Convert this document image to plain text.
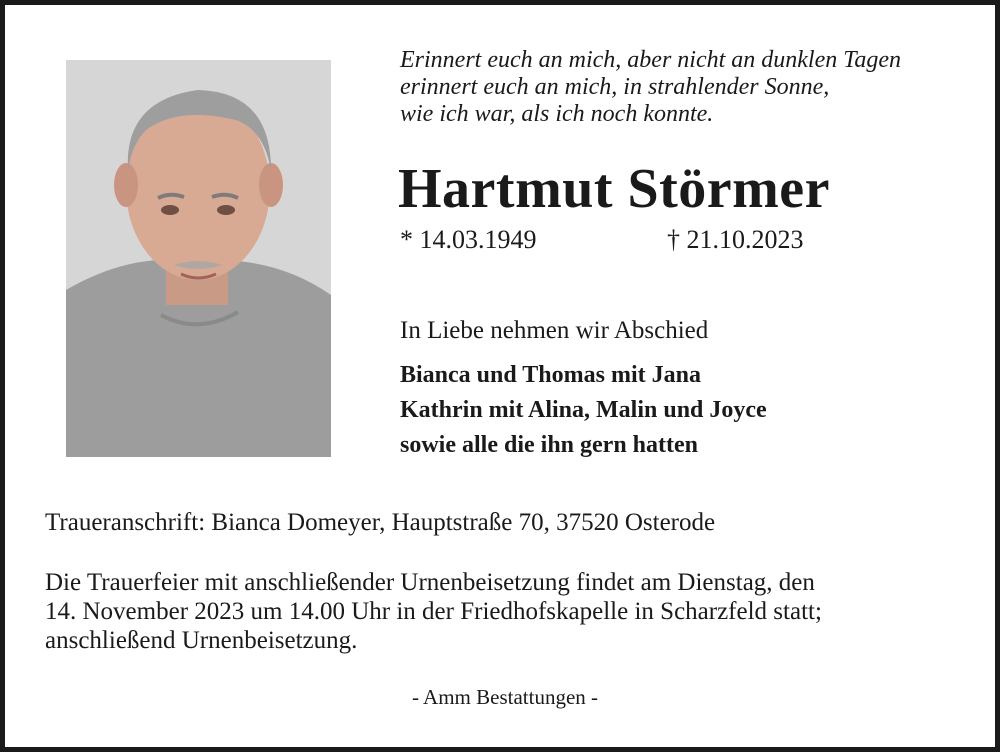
Erinnert euch an mich, aber nicht an dunklen Tagen
erinnert euch an mich, in strahlender Sonne,
wie ich war, als ich noch konnte.
Hartmut Störmer
* 14.03.1949	† 21.10.2023
In Liebe nehmen wir Abschied
Bianca und Thomas mit Jana
Kathrin mit Alina, Malin und Joyce
sowie alle die ihn gern hatten
Traueranschrift: Bianca Domeyer, Hauptstraße 70, 37520 Osterode
Die Trauerfeier mit anschließender Urnenbeisetzung findet am Dienstag, den
14. November 2023 um 14.00 Uhr in der Friedhofskapelle in Scharzfeld statt;
anschließend Urnenbeisetzung.
- Amm Bestattungen -
